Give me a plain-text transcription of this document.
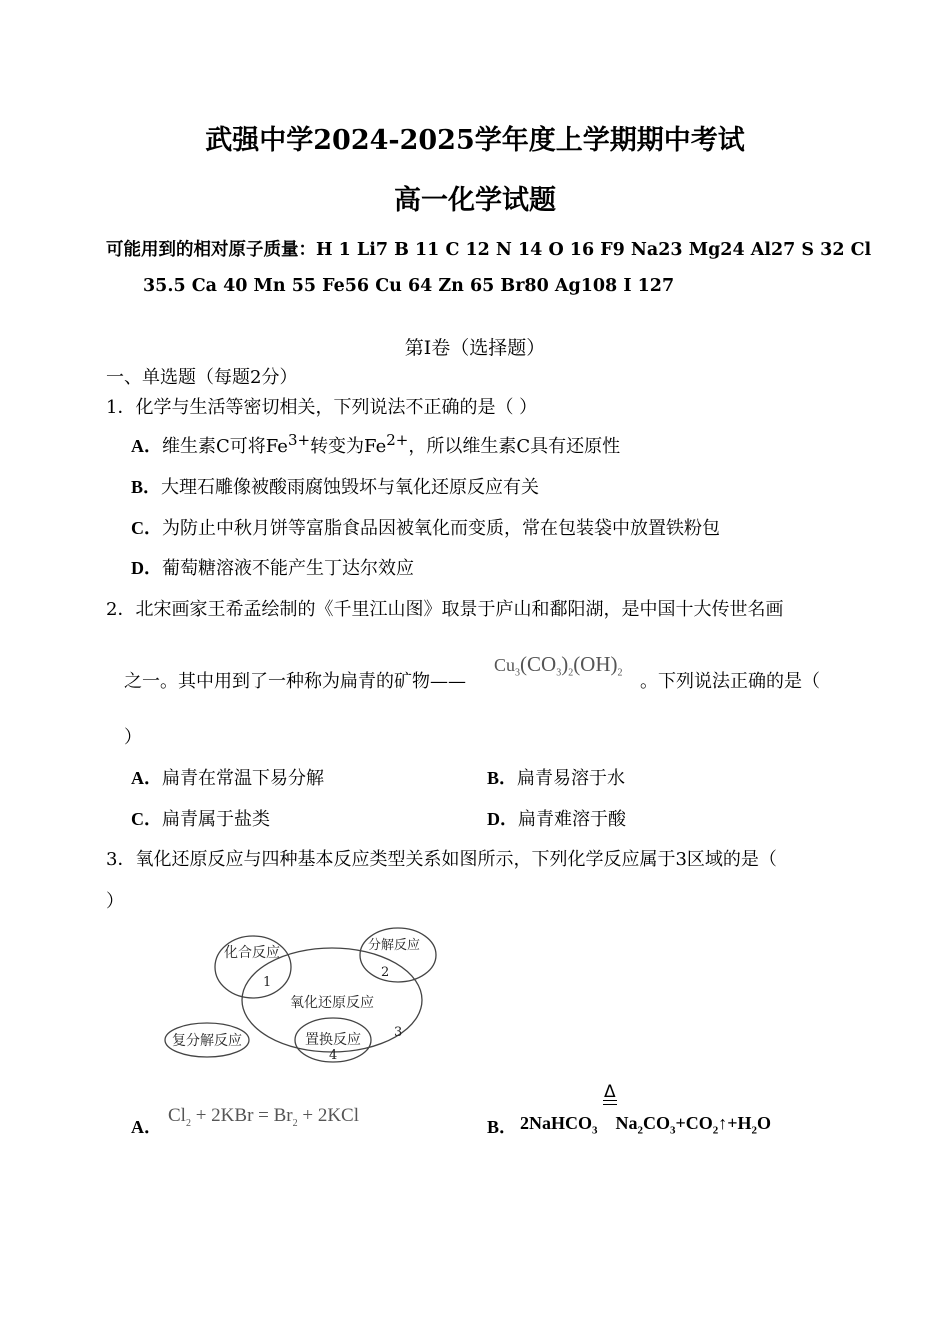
武强中学2024-2025学年度上学期期中考试
高一化学试题
可能用到的相对原子质量：H 1 Li7 B 11 C 12 N 14 O 16 F9 Na23 Mg24 Al27 S 32 Cl
35.5 Ca 40 Mn 55 Fe56 Cu 64 Zn 65 Br80 Ag108 I 127
第Ⅰ卷（选择题）
一、单选题（每题2分）
1．化学与生活等密切相关，下列说法不正确的是（ ）
A．维生素C可将$Fe^{3+}$转变为$Fe^{2+}$，所以维生素C具有还原性
B．大理石雕像被酸雨腐蚀毁坏与氧化还原反应有关
C．为防止中秋月饼等富脂食品因被氧化而变质，常在包装袋中放置铁粉包
D．葡萄糖溶液不能产生丁达尔效应
2．北宋画家王希孟绘制的《千里江山图》取景于庐山和鄱阳湖，是中国十大传世名画
之一。其中用到了一种称为扁青的矿物——
$Cu_3(CO_3)_2(OH)_2$ 。下列说法正确的是（
）
A．扁青在常温下易分解	B．扁青易溶于水
C．扁青属于盐类	D．扁青难溶于酸
3．氧化还原反应与四种基本反应类型关系如图所示，下列化学反应属于3区域的是（
）
化合反应	分解反应
氧化还原反应
复分解反应	置换反应
1
2
3
4
A．
$Cl_2 + 2KBr = Br_2 + 2KCl$
B．
Δ
2NaHCO$_3$ $Na_2CO_3+CO_2↑+H_2O$
